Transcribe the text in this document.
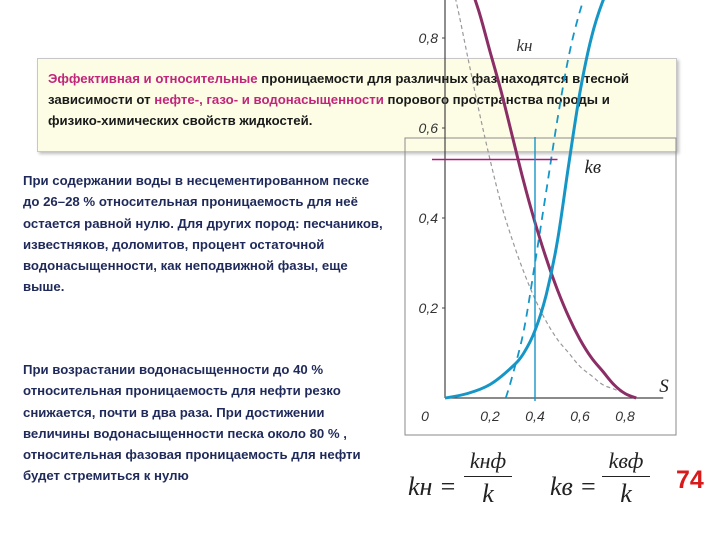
Эффективная и относительные проницаемости для различных фаз находятся в тесной зависимости от нефте-, газо- и водонасыщенности порового пространства породы и физико-химических свойств жидкостей.
При содержании воды в несцементированном песке до 26–28 % относительная проницаемость для неё остается равной нулю. Для других пород: песчаников, известняков, доломитов, процент остаточной водонасыщенности, как неподвижной фазы, еще выше.
При возрастании водонасыщенности до 40 % относительная проницаемость для нефти резко снижается, почти в два раза. При достижении величины водонасыщенности песка около 80 % , относительная фазовая проницаемость для нефти будет стремиться к нулю
0,8
0,6
0,4
0,2
0	0,2 0,4 0,6 0,8
S
kн
kв
kн =
kнф
k	kв =
kвф
k	74
